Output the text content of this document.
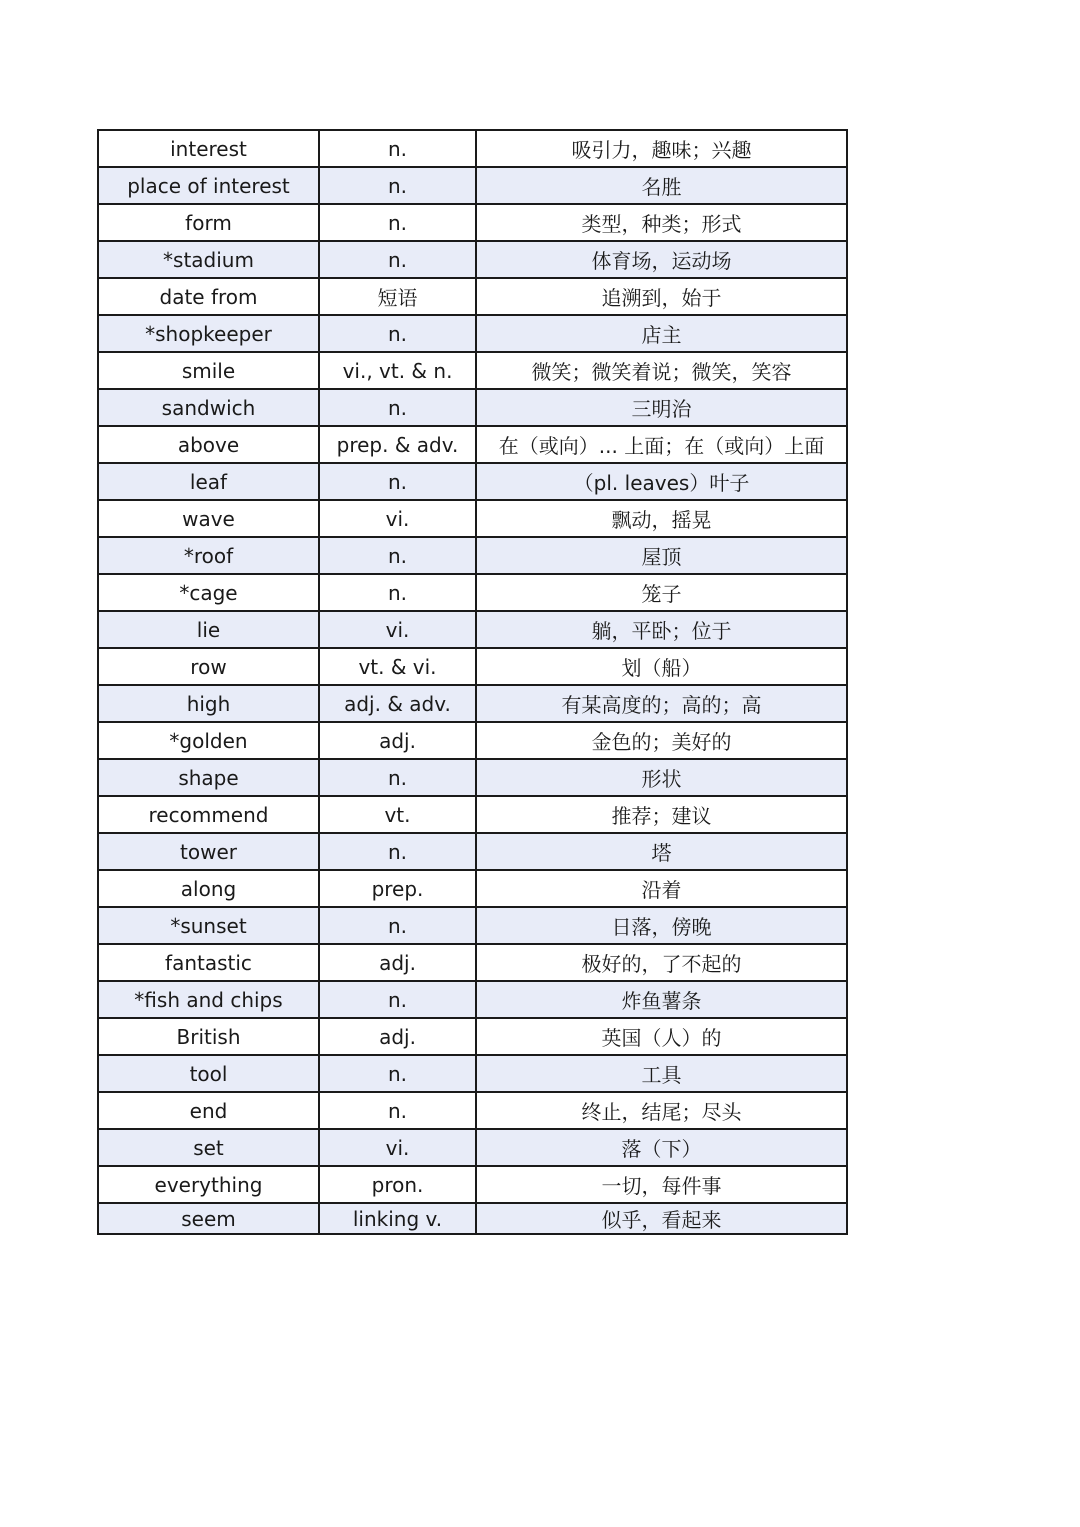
interest	n.	吸引力，趣味；兴趣
place of interest	n.	名胜
form	n.	类型，种类；形式
*stadium	n.	体育场，运动场
date from	短语	追溯到，始于
*shopkeeper	n.	店主
smile	vi., vt. & n.	微笑；微笑着说；微笑，笑容
sandwich	n.	三明治
above	prep. & adv.	在（或向）... 上面；在（或向）上面
leaf	n.	（pl. leaves）叶子
wave	vi.	飘动，摇晃
*roof	n.	屋顶
*cage	n.	笼子
lie	vi.	躺，平卧；位于
row	vt. & vi.	划（船）
high	adj. & adv.	有某高度的；高的；高
*golden	adj.	金色的；美好的
shape	n.	形状
recommend	vt.	推荐；建议
tower	n.	塔
along	prep.	沿着
*sunset	n.	日落，傍晚
fantastic	adj.	极好的，了不起的
*fish and chips	n.	炸鱼薯条
British	adj.	英国（人）的
tool	n.	工具
end	n.	终止，结尾；尽头
set	vi.	落（下）
everything	pron.	一切，每件事
seem	linking v.	似乎，看起来
